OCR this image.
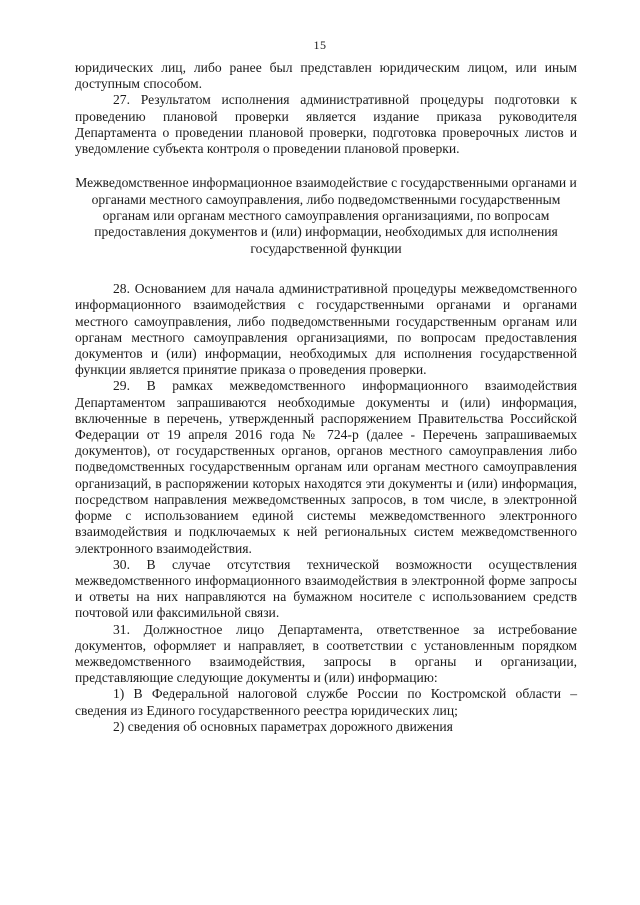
15

юридических лиц, либо ранее был представлен юридическим лицом, или иным доступным способом.

27. Результатом исполнения административной процедуры подготовки к проведению плановой проверки является издание приказа руководителя Департамента о проведении плановой проверки, подготовка проверочных листов и уведомление субъекта контроля о проведении плановой проверки.

Межведомственное информационное взаимодействие с государственными органами и органами местного самоуправления, либо подведомственными государственным органам или органам местного самоуправления организациями, по вопросам предоставления документов и (или) информации, необходимых для исполнения государственной функции

28. Основанием для начала административной процедуры межведомственного информационного взаимодействия с государственными органами и органами местного самоуправления, либо подведомственными государственным органам или органам местного самоуправления организациями, по вопросам предоставления документов и (или) информации, необходимых для исполнения государственной функции является принятие приказа о проведения проверки.

29. В рамках межведомственного информационного взаимодействия Департаментом запрашиваются необходимые документы и (или) информация, включенные в перечень, утвержденный распоряжением Правительства Российской Федерации от 19 апреля 2016 года № 724-р (далее - Перечень запрашиваемых документов), от государственных органов, органов местного самоуправления либо подведомственных государственным органам или органам местного самоуправления организаций, в распоряжении которых находятся эти документы и (или) информация, посредством направления межведомственных запросов, в том числе, в электронной форме с использованием единой системы межведомственного электронного взаимодействия и подключаемых к ней региональных систем межведомственного электронного взаимодействия.

30. В случае отсутствия технической возможности осуществления межведомственного информационного взаимодействия в электронной форме запросы и ответы на них направляются на бумажном носителе с использованием средств почтовой или факсимильной связи.

31. Должностное лицо Департамента, ответственное за истребование документов, оформляет и направляет, в соответствии с установленным порядком межведомственного взаимодействия, запросы в органы и организации, представляющие следующие документы и (или) информацию:

1) В Федеральной налоговой службе России по Костромской области – сведения из Единого государственного реестра юридических лиц;

2) сведения об основных параметрах дорожного движения
